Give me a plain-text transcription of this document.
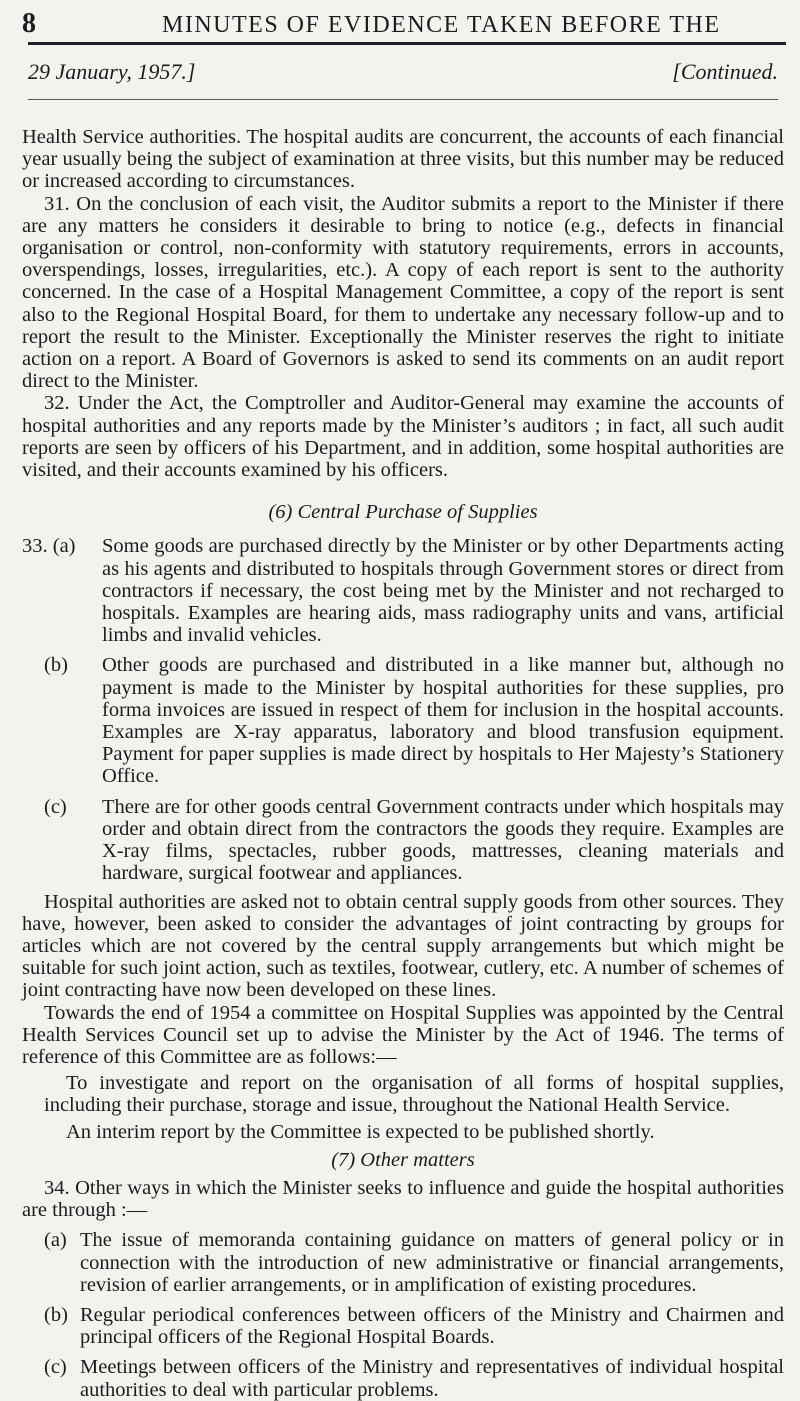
8	MINUTES OF EVIDENCE TAKEN BEFORE THE
29 January, 1957.]	[Continued.

Health Service authorities. The hospital audits are concurrent, the accounts of each financial year usually being the subject of examination at three visits, but this number may be reduced or increased according to circumstances.

31. On the conclusion of each visit, the Auditor submits a report to the Minister if there are any matters he considers it desirable to bring to notice (e.g., defects in financial organisation or control, non-conformity with statutory requirements, errors in accounts, overspendings, losses, irregularities, etc.). A copy of each report is sent to the authority concerned. In the case of a Hospital Management Committee, a copy of the report is sent also to the Regional Hospital Board, for them to undertake any necessary follow-up and to report the result to the Minister. Exceptionally the Minister reserves the right to initiate action on a report. A Board of Governors is asked to send its comments on an audit report direct to the Minister.

32. Under the Act, the Comptroller and Auditor-General may examine the accounts of hospital authorities and any reports made by the Minister’s auditors ; in fact, all such audit reports are seen by officers of his Department, and in addition, some hospital authorities are visited, and their accounts examined by his officers.

(6) Central Purchase of Supplies
33. (a)	Some goods are purchased directly by the Minister or by other Departments acting as his agents and distributed to hospitals through Government stores or direct from contractors if necessary, the cost being met by the Minister and not recharged to hospitals. Examples are hearing aids, mass radiography units and vans, artificial limbs and invalid vehicles.
(b)	Other goods are purchased and distributed in a like manner but, although no payment is made to the Minister by hospital authorities for these supplies, pro forma invoices are issued in respect of them for inclusion in the hospital accounts. Examples are X-ray apparatus, laboratory and blood transfusion equipment. Payment for paper supplies is made direct by hospitals to Her Majesty’s Stationery Office.
(c)	There are for other goods central Government contracts under which hospitals may order and obtain direct from the contractors the goods they require. Examples are X-ray films, spectacles, rubber goods, mattresses, cleaning materials and hardware, surgical footwear and appliances.

Hospital authorities are asked not to obtain central supply goods from other sources. They have, however, been asked to consider the advantages of joint contracting by groups for articles which are not covered by the central supply arrangements but which might be suitable for such joint action, such as textiles, footwear, cutlery, etc. A number of schemes of joint contracting have now been developed on these lines.

Towards the end of 1954 a committee on Hospital Supplies was appointed by the Central Health Services Council set up to advise the Minister by the Act of 1946. The terms of reference of this Committee are as follows:—

To investigate and report on the organisation of all forms of hospital supplies, including their purchase, storage and issue, throughout the National Health Service.

An interim report by the Committee is expected to be published shortly.

(7) Other matters

34. Other ways in which the Minister seeks to influence and guide the hospital authorities are through :—

(a) The issue of memoranda containing guidance on matters of general policy or in connection with the introduction of new administrative or financial arrangements, revision of earlier arrangements, or in amplification of existing procedures.
(b) Regular periodical conferences between officers of the Ministry and Chairmen and principal officers of the Regional Hospital Boards.
(c) Meetings between officers of the Ministry and representatives of individual hospital authorities to deal with particular problems.
